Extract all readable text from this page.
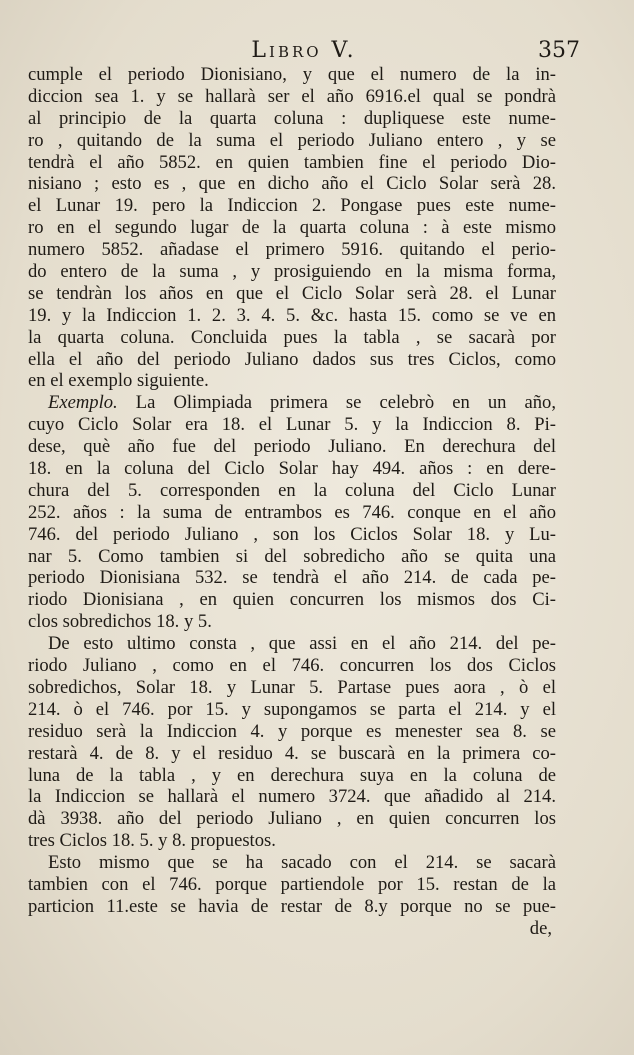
Libro V.	357
cumple el periodo Dionisiano, y que el numero de la in-
diccion sea 1. y se hallarà ser el año 6916.el qual se pondrà
al principio de la quarta coluna : dupliquese este nume-
ro , quitando de la suma el periodo Juliano entero , y se
tendrà el año 5852. en quien tambien fine el periodo Dio-
nisiano ; esto es , que en dicho año el Ciclo Solar serà 28.
el Lunar 19. pero la Indiccion 2. Pongase pues este nume-
ro en el segundo lugar de la quarta coluna : à este mismo
numero 5852. añadase el primero 5916. quitando el perio-
do entero de la suma , y prosiguiendo en la misma forma,
se tendràn los años en que el Ciclo Solar serà 28. el Lunar
19. y la Indiccion 1. 2. 3. 4. 5. &c. hasta 15. como se ve en
la quarta coluna. Concluida pues la tabla , se sacarà por
ella el año del periodo Juliano dados sus tres Ciclos, como
en el exemplo siguiente.
Exemplo. La Olimpiada primera se celebrò en un año,
cuyo Ciclo Solar era 18. el Lunar 5. y la Indiccion 8. Pi-
dese, què año fue del periodo Juliano. En derechura del
18. en la coluna del Ciclo Solar hay 494. años : en dere-
chura del 5. corresponden en la coluna del Ciclo Lunar
252. años : la suma de entrambos es 746. conque en el año
746. del periodo Juliano , son los Ciclos Solar 18. y Lu-
nar 5. Como tambien si del sobredicho año se quita una
periodo Dionisiana 532. se tendrà el año 214. de cada pe-
riodo Dionisiana , en quien concurren los mismos dos Ci-
clos sobredichos 18. y 5.
De esto ultimo consta , que assi en el año 214. del pe-
riodo Juliano , como en el 746. concurren los dos Ciclos
sobredichos, Solar 18. y Lunar 5. Partase pues aora , ò el
214. ò el 746. por 15. y supongamos se parta el 214. y el
residuo serà la Indiccion 4. y porque es menester sea 8. se
restarà 4. de 8. y el residuo 4. se buscarà en la primera co-
luna de la tabla , y en derechura suya en la coluna de
la Indiccion se hallarà el numero 3724. que añadido al 214.
dà 3938. año del periodo Juliano , en quien concurren los
tres Ciclos 18. 5. y 8. propuestos.
Esto mismo que se ha sacado con el 214. se sacarà
tambien con el 746. porque partiendole por 15. restan de la
particion 11.este se havia de restar de 8.y porque no se pue-
de,
